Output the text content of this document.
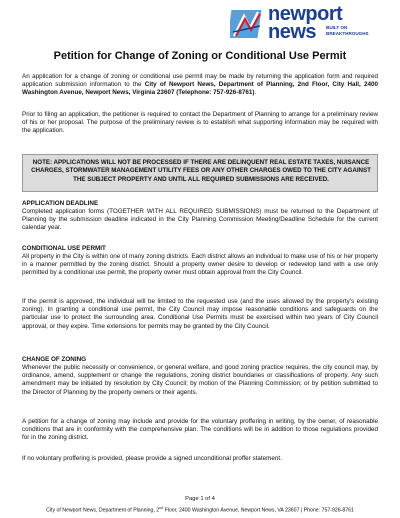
newport
news BUILT ON
BREAKTHROUGHS
Petition for Change of Zoning or Conditional Use Permit

An application for a change of zoning or conditional use permit may be made by returning the application form and required application submission information to the City of Newport News, Department of Planning, 2nd Floor, City Hall, 2400 Washington Avenue, Newport News, Virginia 23607 (Telephone: 757-926-8761).

Prior to filing an application, the petitioner is required to contact the Department of Planning to arrange for a preliminary review of his or her proposal. The purpose of the preliminary review is to establish what supporting information may be required with the application.

NOTE: APPLICATIONS WILL NOT BE PROCESSED IF THERE ARE DELINQUENT REAL ESTATE TAXES, NUISANCE CHARGES, STORMWATER MANAGEMENT UTILITY FEES OR ANY OTHER CHARGES OWED TO THE CITY AGAINST THE SUBJECT PROPERTY AND UNTIL ALL REQUIRED SUBMISSIONS ARE RECEIVED.

APPLICATION DEADLINE

Completed application forms (TOGETHER WITH ALL REQUIRED SUBMISSIONS) must be returned to the Department of Planning by the submission deadline indicated in the City Planning Commission Meeting/Deadline Schedule for the current calendar year.

CONDITIONAL USE PERMIT

All property in the City is within one of many zoning districts. Each district allows an individual to make use of his or her property in a manner permitted by the zoning district. Should a property owner desire to develop or redevelop land with a use only permitted by a conditional use permit, the property owner must obtain approval from the City Council.

If the permit is approved, the individual will be limited to the requested use (and the uses allowed by the property’s existing zoning). In granting a conditional use permit, the City Council may impose reasonable conditions and safeguards on the particular use to protect the surrounding area. Conditional Use Permits must be exercised within two years of City Council approval, or they expire. Time extensions for permits may be granted by the City Council.

CHANGE OF ZONING

Whenever the public necessity or convenience, or general welfare, and good zoning practice requires, the city council may, by ordinance, amend, supplement or change the regulations, zoning district boundaries or classifications of property. Any such amendment may be initiated by resolution by City Council; by motion of the Planning Commission; or by petition submitted to the Director of Planning by the property owners or their agents.

A petition for a change of zoning may include and provide for the voluntary proffering in writing, by the owner, of reasonable conditions that are in conformity with the comprehensive plan. The conditions will be in addition to those regulations provided for in the zoning district.

If no voluntary proffering is provided, please provide a signed unconditional proffer statement.

Page 1 of 4
City of Newport News, Department of Planning, 2nd Floor, 2400 Washington Avenue, Newport News, VA 23607 | Phone: 757-926-8761
